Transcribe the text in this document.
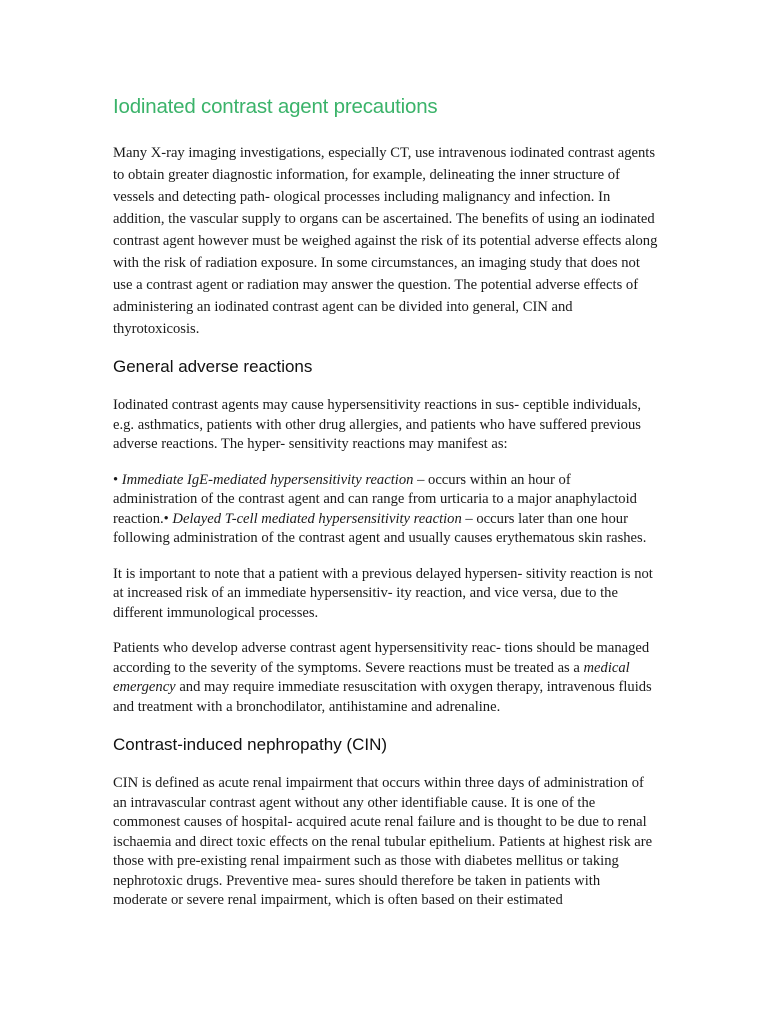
Iodinated contrast agent precautions

Many X-ray imaging investigations, especially CT, use intravenous iodinated contrast agents to obtain greater diagnostic information, for example, delineating the inner structure of vessels and detecting path- ological processes including malignancy and infection. In addition, the vascular supply to organs can be ascertained. The benefits of using an iodinated contrast agent however must be weighed against the risk of its potential adverse effects along with the risk of radiation exposure. In some circumstances, an imaging study that does not use a contrast agent or radiation may answer the question. The potential adverse effects of administering an iodinated contrast agent can be divided into general, CIN and thyrotoxicosis.

General adverse reactions

Iodinated contrast agents may cause hypersensitivity reactions in sus- ceptible individuals, e.g. asthmatics, patients with other drug allergies, and patients who have suffered previous adverse reactions. The hyper- sensitivity reactions may manifest as:

• Immediate IgE-mediated hypersensitivity reaction – occurs within an hour of administration of the contrast agent and can range from urticaria to a major anaphylactoid reaction.• Delayed T-cell mediated hypersensitivity reaction – occurs later than one hour following administration of the contrast agent and usually causes erythematous skin rashes.

It is important to note that a patient with a previous delayed hypersen- sitivity reaction is not at increased risk of an immediate hypersensitiv- ity reaction, and vice versa, due to the different immunological processes.

Patients who develop adverse contrast agent hypersensitivity reac- tions should be managed according to the severity of the symptoms. Severe reactions must be treated as a medical emergency and may require immediate resuscitation with oxygen therapy, intravenous fluids and treatment with a bronchodilator, antihistamine and adrenaline.

Contrast-induced nephropathy (CIN)

CIN is defined as acute renal impairment that occurs within three days of administration of an intravascular contrast agent without any other identifiable cause. It is one of the commonest causes of hospital- acquired acute renal failure and is thought to be due to renal ischaemia and direct toxic effects on the renal tubular epithelium. Patients at highest risk are those with pre-existing renal impairment such as those with diabetes mellitus or taking nephrotoxic drugs. Preventive mea- sures should therefore be taken in patients with moderate or severe renal impairment, which is often based on their estimated
